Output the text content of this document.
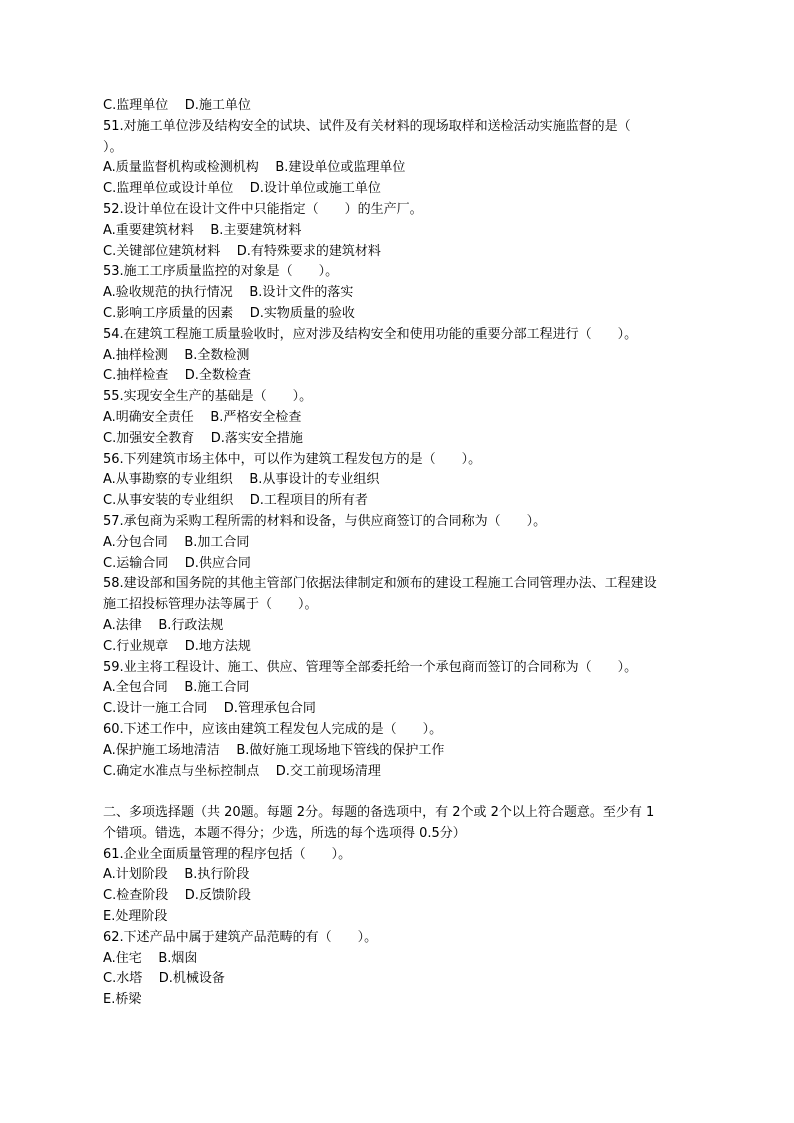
C.监理单位    D.施工单位

51.对施工单位涉及结构安全的试块、试件及有关材料的现场取样和送检活动实施监督的是（

）。

A.质量监督机构或检测机构    B.建设单位或监理单位

C.监理单位或设计单位    D.设计单位或施工单位

52.设计单位在设计文件中只能指定（　　）的生产厂。

A.重要建筑材料    B.主要建筑材料

C.关键部位建筑材料    D.有特殊要求的建筑材料

53.施工工序质量监控的对象是（　　）。

A.验收规范的执行情况    B.设计文件的落实

C.影响工序质量的因素    D.实物质量的验收

54.在建筑工程施工质量验收时，应对涉及结构安全和使用功能的重要分部工程进行（　　）。

A.抽样检测    B.全数检测

C.抽样检查    D.全数检查

55.实现安全生产的基础是（　　）。

A.明确安全责任    B.严格安全检查

C.加强安全教育    D.落实安全措施

56.下列建筑市场主体中，可以作为建筑工程发包方的是（　　）。

A.从事勘察的专业组织    B.从事设计的专业组织

C.从事安装的专业组织    D.工程项目的所有者

57.承包商为采购工程所需的材料和设备，与供应商签订的合同称为（　　）。

A.分包合同    B.加工合同

C.运输合同    D.供应合同

58.建设部和国务院的其他主管部门依据法律制定和颁布的建设工程施工合同管理办法、工程建设

施工招投标管理办法等属于（　　）。

A.法律    B.行政法规

C.行业规章    D.地方法规

59.业主将工程设计、施工、供应、管理等全部委托给一个承包商而签订的合同称为（　　）。

A.全包合同    B.施工合同

C.设计一施工合同    D.管理承包合同

60.下述工作中，应该由建筑工程发包人完成的是（　　）。

A.保护施工场地清洁    B.做好施工现场地下管线的保护工作

C.确定水准点与坐标控制点    D.交工前现场清理

二、多项选择题（共 20题。每题 2分。每题的备选项中，有 2个或 2个以上符合题意。至少有 1

个错项。错选，本题不得分；少选，所选的每个选项得 0.5分）

61.企业全面质量管理的程序包括（　　）。

A.计划阶段    B.执行阶段

C.检查阶段    D.反馈阶段

E.处理阶段

62.下述产品中属于建筑产品范畴的有（　　）。

A.住宅    B.烟囱

C.水塔    D.机械设备

E.桥梁
